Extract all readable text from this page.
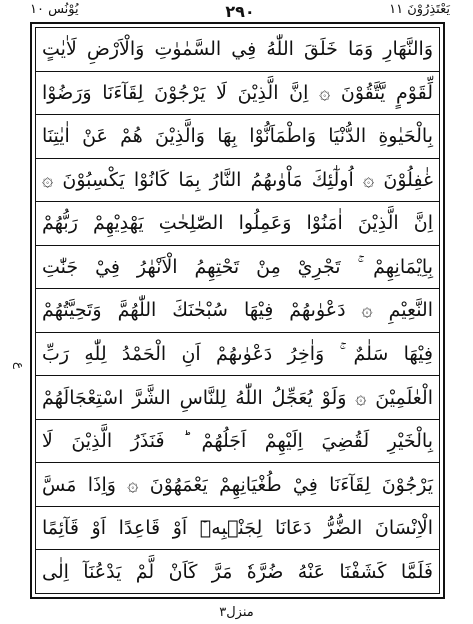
يَعْتَذِرُوْنَ ١١
٢٩٠
يُوْنُس ١٠
ع
وَالنَّهَارِ وَمَا خَلَقَ اللّٰهُ فِي السَّمٰوٰتِ وَالْاَرْضِ لَاٰيٰتٍ
لِّقَوْمٍ يَّتَّقُوْنَ ۞ اِنَّ الَّذِيْنَ لَا يَرْجُوْنَ لِقَآءَنَا وَرَضُوْا
بِالْحَيٰوةِ الدُّنْيَا وَاطْمَاَنُّوْا بِهَا وَالَّذِيْنَ هُمْ عَنْ اٰيٰتِنَا
غٰفِلُوْنَ ۞ اُولٰٓئِكَ مَاْوٰىهُمُ النَّارُ بِمَا كَانُوْا يَكْسِبُوْنَ ۞
اِنَّ الَّذِيْنَ اٰمَنُوْا وَعَمِلُوا الصّٰلِحٰتِ يَهْدِيْهِمْ رَبُّهُمْ
بِاِيْمَانِهِمْ ۚ تَجْرِيْ مِنْ تَحْتِهِمُ الْاَنْهٰرُ فِيْ جَنّٰتِ
النَّعِيْمِ ۞ دَعْوٰىهُمْ فِيْهَا سُبْحٰنَكَ اللّٰهُمَّ وَتَحِيَّتُهُمْ
فِيْهَا سَلٰمٌ ۚ وَاٰخِرُ دَعْوٰىهُمْ اَنِ الْحَمْدُ لِلّٰهِ رَبِّ
الْعٰلَمِيْنَ ۞ وَلَوْ يُعَجِّلُ اللّٰهُ لِلنَّاسِ الشَّرَّ اسْتِعْجَالَهُمْ
بِالْخَيْرِ لَقُضِيَ اِلَيْهِمْ اَجَلُهُمْ ؕ فَنَذَرُ الَّذِيْنَ لَا
يَرْجُوْنَ لِقَآءَنَا فِيْ طُغْيَانِهِمْ يَعْمَهُوْنَ ۞ وَاِذَا مَسَّ
الْاِنْسَانَ الضُّرُّ دَعَانَا لِجَنْۢبِهٖٓ اَوْ قَاعِدًا اَوْ قَآئِمًا
فَلَمَّا كَشَفْنَا عَنْهُ ضُرَّهٗ مَرَّ كَاَنْ لَّمْ يَدْعُنَآ اِلٰى
منزل٣
